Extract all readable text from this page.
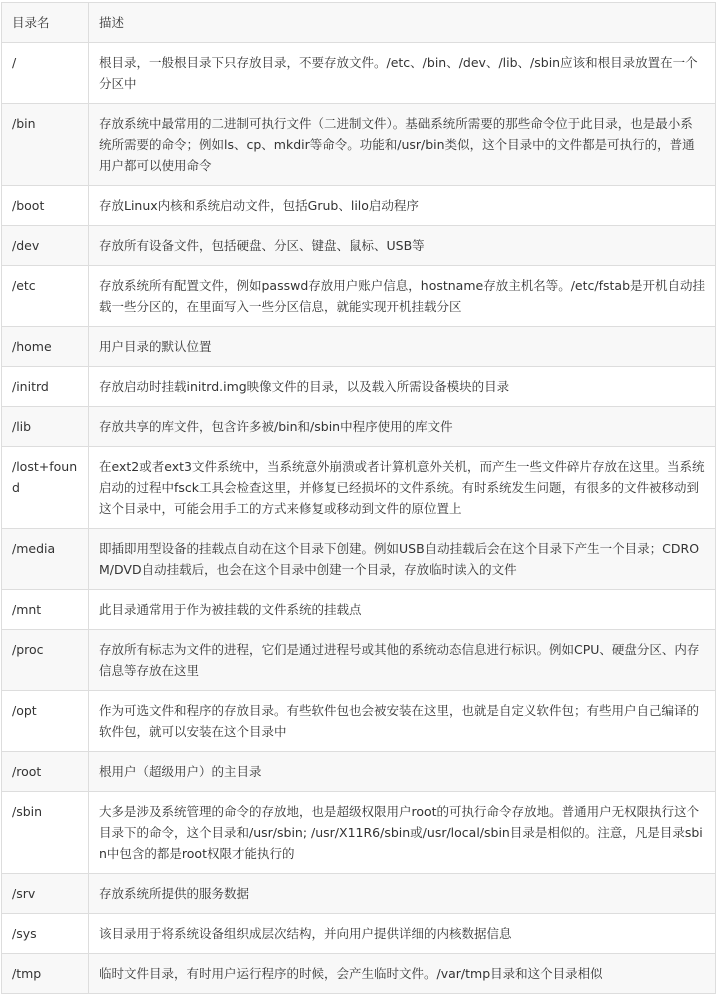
目录名	描述
/	根目录，一般根目录下只存放目录，不要存放文件。/etc、/bin、/dev、/lib、/sbin应该和根目录放置在一个分区中
/bin	存放系统中最常用的二进制可执行文件（二进制文件）。基础系统所需要的那些命令位于此目录，也是最小系统所需要的命令；例如ls、cp、mkdir等命令。功能和/usr/bin类似，这个目录中的文件都是可执行的，普通用户都可以使用命令
/boot	存放Linux内核和系统启动文件，包括Grub、lilo启动程序
/dev	存放所有设备文件，包括硬盘、分区、键盘、鼠标、USB等
/etc	存放系统所有配置文件，例如passwd存放用户账户信息，hostname存放主机名等。/etc/fstab是开机自动挂载一些分区的，在里面写入一些分区信息，就能实现开机挂载分区
/home	用户目录的默认位置
/initrd	存放启动时挂载initrd.img映像文件的目录，以及载入所需设备模块的目录
/lib	存放共享的库文件，包含许多被/bin和/sbin中程序使用的库文件
/lost+found	在ext2或者ext3文件系统中，当系统意外崩溃或者计算机意外关机，而产生一些文件碎片存放在这里。当系统启动的过程中fsck工具会检查这里，并修复已经损坏的文件系统。有时系统发生问题，有很多的文件被移动到这个目录中，可能会用手工的方式来修复或移动到文件的原位置上
/media	即插即用型设备的挂载点自动在这个目录下创建。例如USB自动挂载后会在这个目录下产生一个目录；CDROM/DVD自动挂载后，也会在这个目录中创建一个目录，存放临时读入的文件
/mnt	此目录通常用于作为被挂载的文件系统的挂载点
/proc	存放所有标志为文件的进程，它们是通过进程号或其他的系统动态信息进行标识。例如CPU、硬盘分区、内存信息等存放在这里
/opt	作为可选文件和程序的存放目录。有些软件包也会被安装在这里，也就是自定义软件包；有些用户自己编译的软件包，就可以安装在这个目录中
/root	根用户（超级用户）的主目录
/sbin	大多是涉及系统管理的命令的存放地，也是超级权限用户root的可执行命令存放地。普通用户无权限执行这个目录下的命令，这个目录和/usr/sbin; /usr/X11R6/sbin或/usr/local/sbin目录是相似的。注意，凡是目录sbin中包含的都是root权限才能执行的
/srv	存放系统所提供的服务数据
/sys	该目录用于将系统设备组织成层次结构，并向用户提供详细的内核数据信息
/tmp	临时文件目录，有时用户运行程序的时候，会产生临时文件。/var/tmp目录和这个目录相似
